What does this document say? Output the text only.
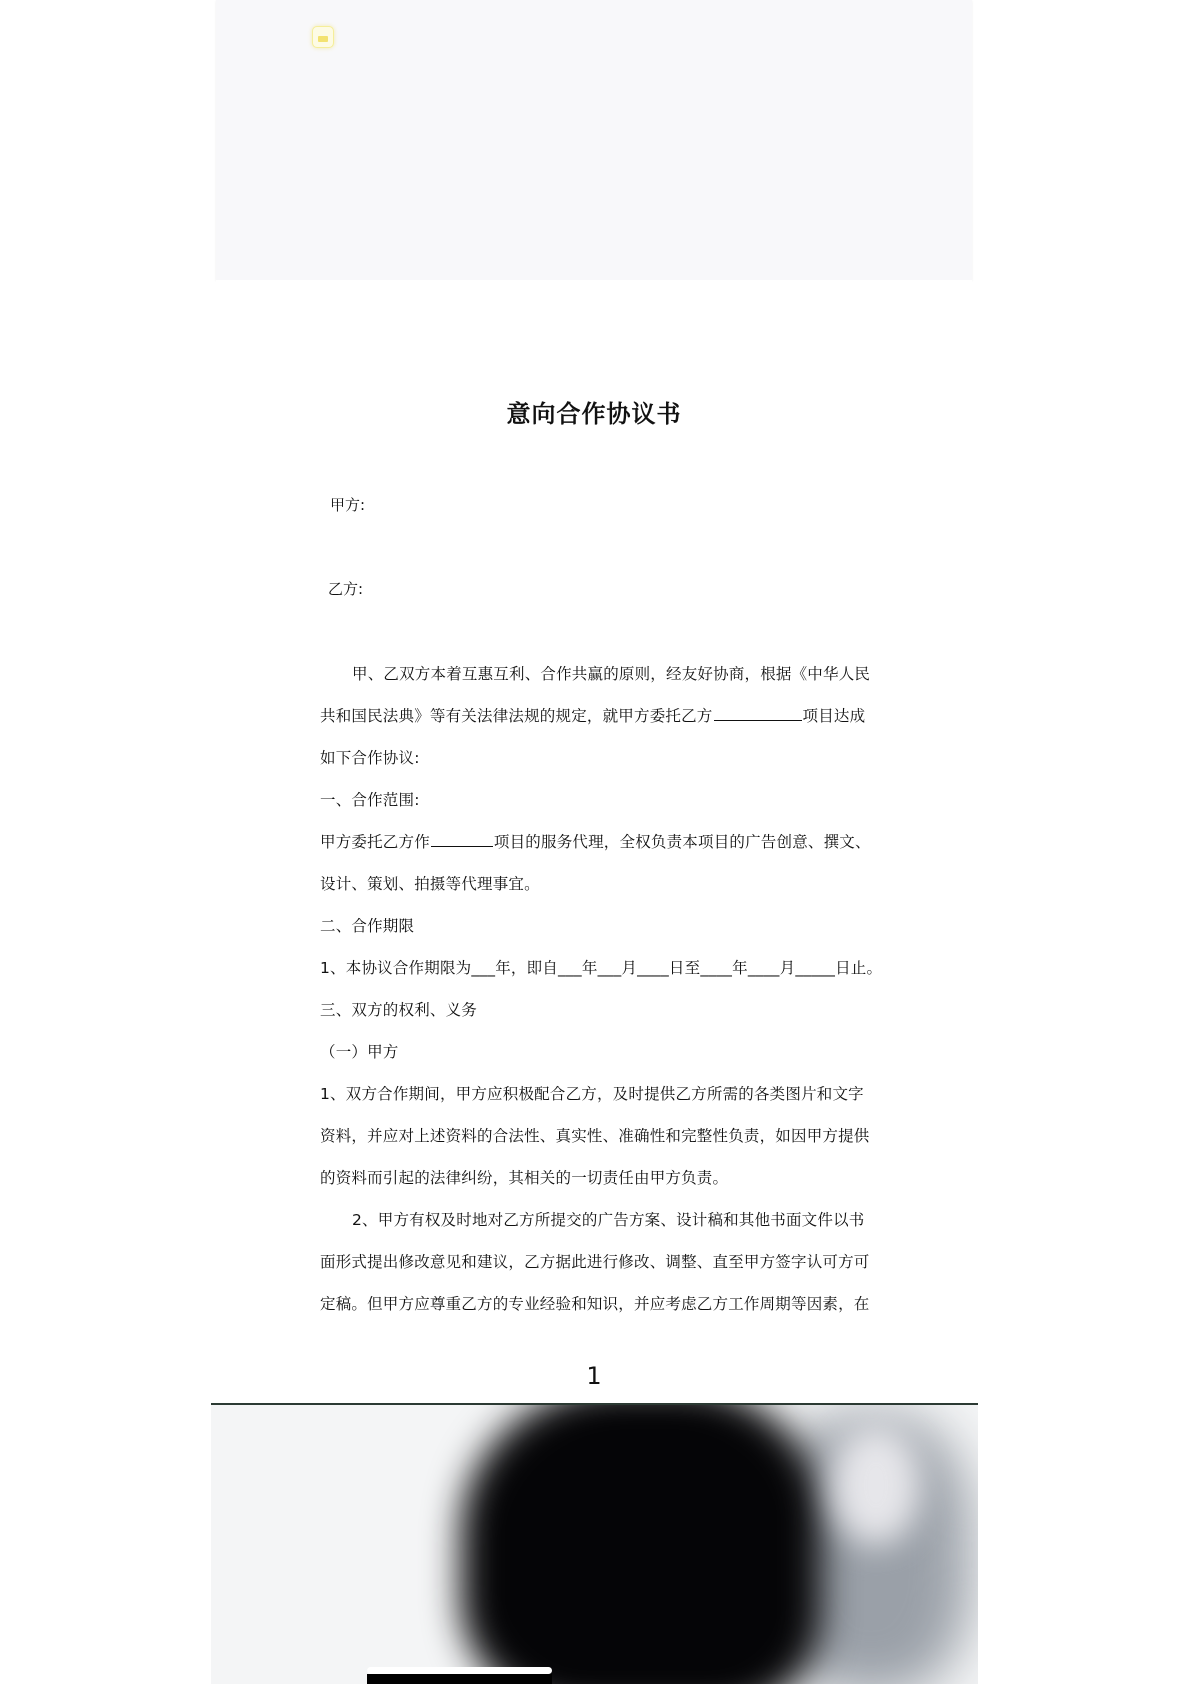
意向合作协议书
甲方:
乙方:
甲、乙双方本着互惠互利、合作共赢的原则，经友好协商，根据《中华人民
共和国民法典》等有关法律法规的规定，就甲方委托乙方	项目达成
如下合作协议:
一、合作范围:
甲方委托乙方作	项目的服务代理，全权负责本项目的广告创意、撰文、
设计、策划、拍摄等代理事宜。
二、合作期限
1、本协议合作期限为___年，即自___年___月____日至____年____月_____日止。
三、双方的权利、义务
（一）甲方
1、双方合作期间，甲方应积极配合乙方，及时提供乙方所需的各类图片和文字
资料，并应对上述资料的合法性、真实性、准确性和完整性负责，如因甲方提供
的资料而引起的法律纠纷，其相关的一切责任由甲方负责。
2、甲方有权及时地对乙方所提交的广告方案、设计稿和其他书面文件以书
面形式提出修改意见和建议，乙方据此进行修改、调整、直至甲方签字认可方可
定稿。但甲方应尊重乙方的专业经验和知识，并应考虑乙方工作周期等因素，在
1
